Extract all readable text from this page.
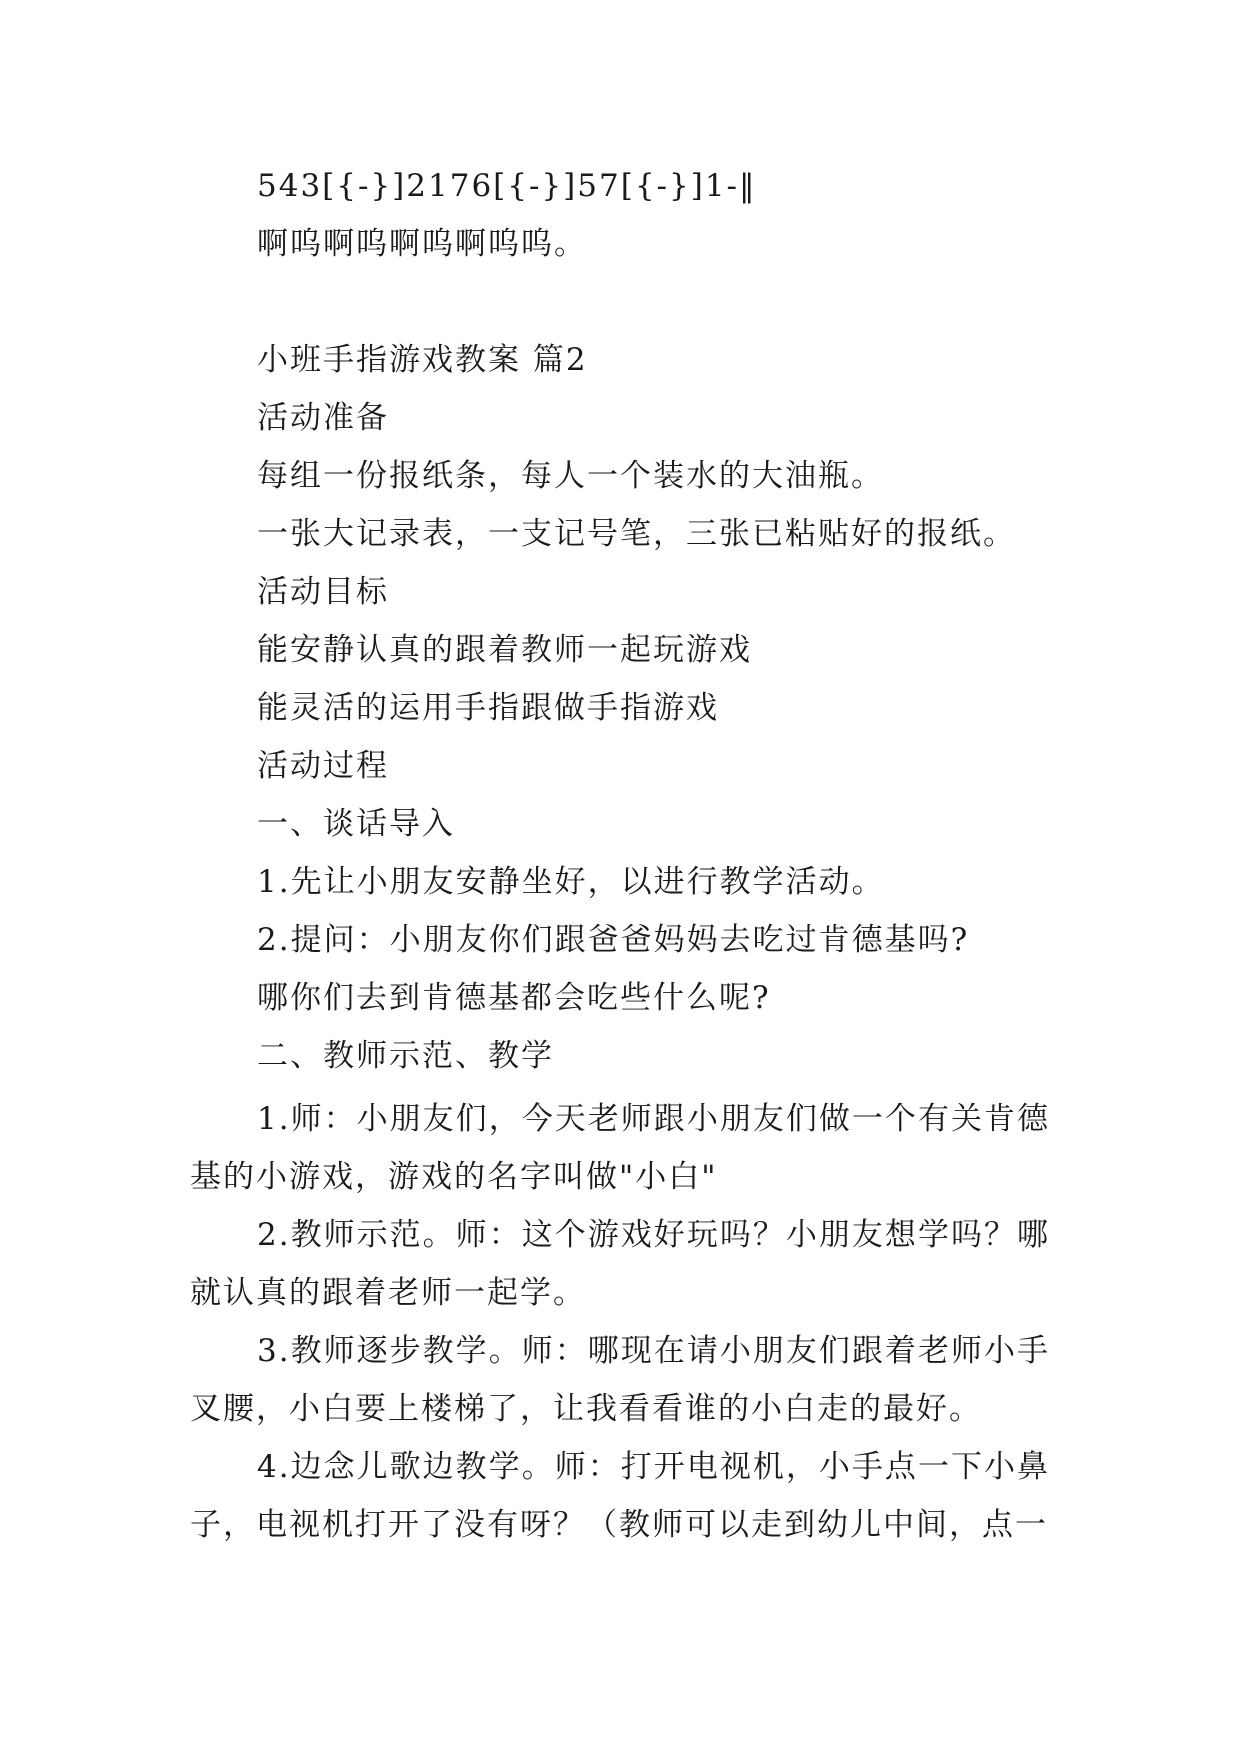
543[{-}]2176[{-}]57[{-}]1-‖
啊呜啊呜啊呜啊呜呜。
小班手指游戏教案 篇2
活动准备
每组一份报纸条，每人一个装水的大油瓶。
一张大记录表，一支记号笔，三张已粘贴好的报纸。
活动目标
能安静认真的跟着教师一起玩游戏
能灵活的运用手指跟做手指游戏
活动过程
一、谈话导入
1.先让小朋友安静坐好，以进行教学活动。
2.提问：小朋友你们跟爸爸妈妈去吃过肯德基吗?
哪你们去到肯德基都会吃些什么呢?
二、教师示范、教学
1.师：小朋友们，今天老师跟小朋友们做一个有关肯德基的小游戏，游戏的名字叫做"小白"
2.教师示范。师：这个游戏好玩吗？小朋友想学吗？哪就认真的跟着老师一起学。
3.教师逐步教学。师：哪现在请小朋友们跟着老师小手叉腰，小白要上楼梯了，让我看看谁的小白走的最好。
4.边念儿歌边教学。师：打开电视机，小手点一下小鼻子，电视机打开了没有呀？（教师可以走到幼儿中间，点一
